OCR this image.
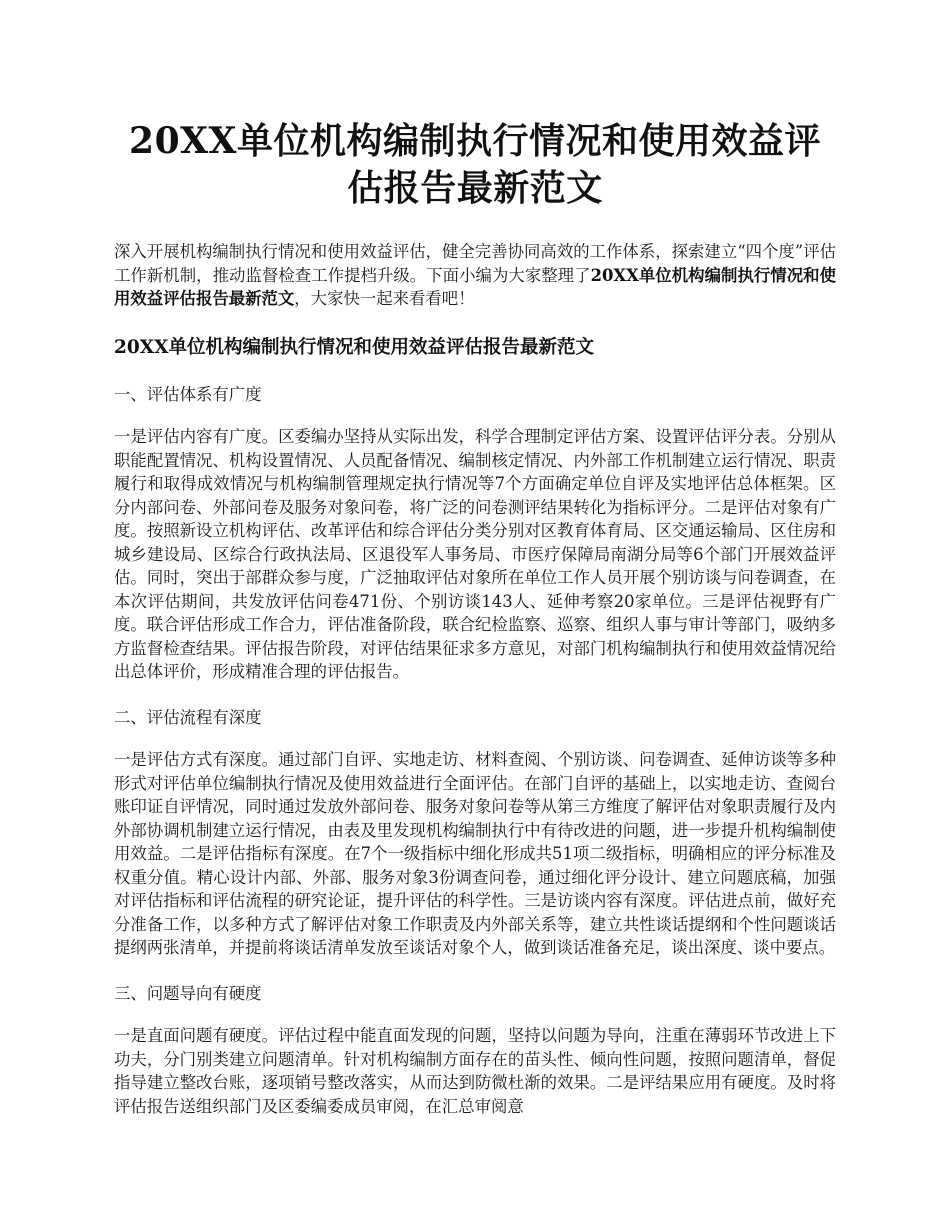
20XX单位机构编制执行情况和使用效益评估报告最新范文

深入开展机构编制执行情况和使用效益评估，健全完善协同高效的工作体系，探索建立“四个度”评估工作新机制，推动监督检查工作提档升级。下面小编为大家整理了20XX单位机构编制执行情况和使用效益评估报告最新范文，大家快一起来看看吧！

20XX单位机构编制执行情况和使用效益评估报告最新范文
一、评估体系有广度

一是评估内容有广度。区委编办坚持从实际出发，科学合理制定评估方案、设置评估评分表。分别从职能配置情况、机构设置情况、人员配备情况、编制核定情况、内外部工作机制建立运行情况、职责履行和取得成效情况与机构编制管理规定执行情况等7个方面确定单位自评及实地评估总体框架。区分内部问卷、外部问卷及服务对象问卷，将广泛的问卷测评结果转化为指标评分。二是评估对象有广度。按照新设立机构评估、改革评估和综合评估分类分别对区教育体育局、区交通运输局、区住房和城乡建设局、区综合行政执法局、区退役军人事务局、市医疗保障局南湖分局等6个部门开展效益评估。同时，突出于部群众参与度，广泛抽取评估对象所在单位工作人员开展个别访谈与问卷调查，在本次评估期间，共发放评估问卷471份、个别访谈143人、延伸考察20家单位。三是评估视野有广度。联合评估形成工作合力，评估准备阶段，联合纪检监察、巡察、组织人事与审计等部门，吸纳多方监督检查结果。评估报告阶段，对评估结果征求多方意见，对部门机构编制执行和使用效益情况给出总体评价，形成精准合理的评估报告。

二、评估流程有深度

一是评估方式有深度。通过部门自评、实地走访、材料查阅、个别访谈、问卷调查、延伸访谈等多种形式对评估单位编制执行情况及使用效益进行全面评估。在部门自评的基础上，以实地走访、查阅台账印证自评情况，同时通过发放外部问卷、服务对象问卷等从第三方维度了解评估对象职责履行及内外部协调机制建立运行情况，由表及里发现机构编制执行中有待改进的问题，进一步提升机构编制使用效益。二是评估指标有深度。在7个一级指标中细化形成共51项二级指标，明确相应的评分标准及权重分值。精心设计内部、外部、服务对象3份调查问卷，通过细化评分设计、建立问题底稿，加强对评估指标和评估流程的研究论证，提升评估的科学性。三是访谈内容有深度。评估进点前，做好充分准备工作，以多种方式了解评估对象工作职责及内外部关系等，建立共性谈话提纲和个性问题谈话提纲两张清单，并提前将谈话清单发放至谈话对象个人，做到谈话准备充足，谈出深度、谈中要点。

三、问题导向有硬度

一是直面问题有硬度。评估过程中能直面发现的问题，坚持以问题为导向，注重在薄弱环节改进上下功夫，分门别类建立问题清单。针对机构编制方面存在的苗头性、倾向性问题，按照问题清单，督促指导建立整改台账，逐项销号整改落实，从而达到防微杜渐的效果。二是评结果应用有硬度。及时将评估报告送组织部门及区委编委成员审阅，在汇总审阅意
